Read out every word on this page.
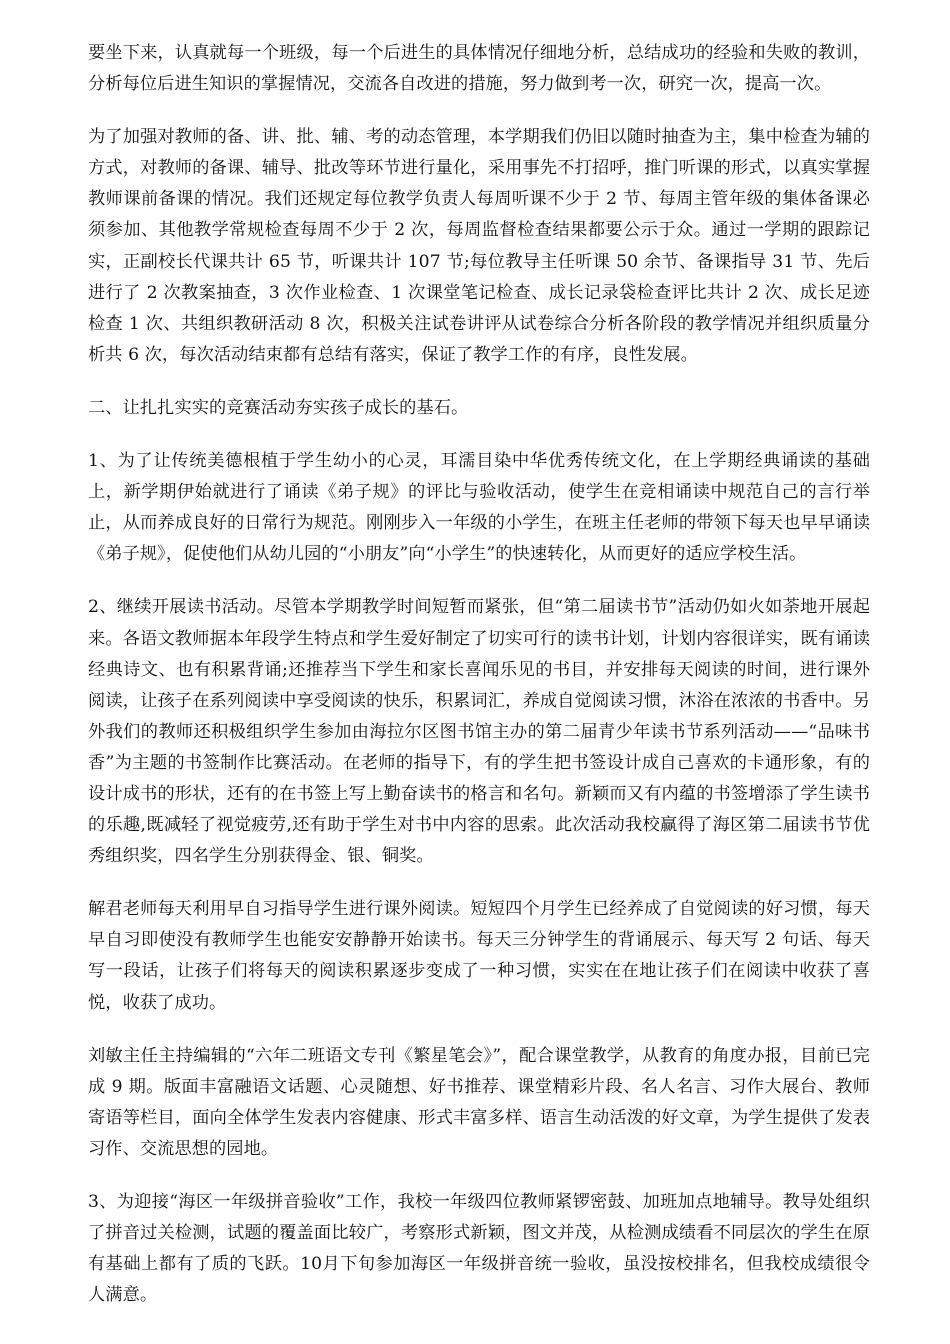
要坐下来，认真就每一个班级，每一个后进生的具体情况仔细地分析，总结成功的经验和失败的教训，分析每位后进生知识的掌握情况，交流各自改进的措施，努力做到考一次，研究一次，提高一次。

为了加强对教师的备、讲、批、辅、考的动态管理，本学期我们仍旧以随时抽查为主，集中检查为辅的方式，对教师的备课、辅导、批改等环节进行量化，采用事先不打招呼，推门听课的形式，以真实掌握教师课前备课的情况。我们还规定每位教学负责人每周听课不少于 2 节、每周主管年级的集体备课必须参加、其他教学常规检查每周不少于 2 次，每周监督检查结果都要公示于众。通过一学期的跟踪记实，正副校长代课共计 65 节，听课共计 107 节;每位教导主任听课 50 余节、备课指导 31 节、先后进行了 2 次教案抽查，3 次作业检查、1 次课堂笔记检查、成长记录袋检查评比共计 2 次、成长足迹检查 1 次、共组织教研活动 8 次，积极关注试卷讲评从试卷综合分析各阶段的教学情况并组织质量分析共 6 次，每次活动结束都有总结有落实，保证了教学工作的有序，良性发展。

二、让扎扎实实的竞赛活动夯实孩子成长的基石。

1、为了让传统美德根植于学生幼小的心灵，耳濡目染中华优秀传统文化，在上学期经典诵读的基础上，新学期伊始就进行了诵读《弟子规》的评比与验收活动，使学生在竞相诵读中规范自己的言行举止，从而养成良好的日常行为规范。刚刚步入一年级的小学生，在班主任老师的带领下每天也早早诵读《弟子规》，促使他们从幼儿园的“小朋友”向“小学生”的快速转化，从而更好的适应学校生活。

2、继续开展读书活动。尽管本学期教学时间短暂而紧张，但“第二届读书节”活动仍如火如荼地开展起来。各语文教师据本年段学生特点和学生爱好制定了切实可行的读书计划，计划内容很详实，既有诵读经典诗文、也有积累背诵;还推荐当下学生和家长喜闻乐见的书目，并安排每天阅读的时间，进行课外阅读，让孩子在系列阅读中享受阅读的快乐，积累词汇，养成自觉阅读习惯，沐浴在浓浓的书香中。另外我们的教师还积极组织学生参加由海拉尔区图书馆主办的第二届青少年读书节系列活动——“品味书香”为主题的书签制作比赛活动。在老师的指导下，有的学生把书签设计成自己喜欢的卡通形象，有的设计成书的形状，还有的在书签上写上勤奋读书的格言和名句。新颖而又有内蕴的书签增添了学生读书的乐趣,既减轻了视觉疲劳,还有助于学生对书中内容的思索。此次活动我校赢得了海区第二届读书节优秀组织奖，四名学生分别获得金、银、铜奖。

解君老师每天利用早自习指导学生进行课外阅读。短短四个月学生已经养成了自觉阅读的好习惯，每天早自习即使没有教师学生也能安安静静开始读书。每天三分钟学生的背诵展示、每天写 2 句话、每天写一段话，让孩子们将每天的阅读积累逐步变成了一种习惯，实实在在地让孩子们在阅读中收获了喜悦，收获了成功。

刘敏主任主持编辑的“六年二班语文专刊《繁星笔会》”，配合课堂教学，从教育的角度办报，目前已完成 9 期。版面丰富融语文话题、心灵随想、好书推荐、课堂精彩片段、名人名言、习作大展台、教师寄语等栏目，面向全体学生发表内容健康、形式丰富多样、语言生动活泼的好文章，为学生提供了发表习作、交流思想的园地。

3、为迎接“海区一年级拼音验收”工作，我校一年级四位教师紧锣密鼓、加班加点地辅导。教导处组织了拼音过关检测，试题的覆盖面比较广，考察形式新颖，图文并茂，从检测成绩看不同层次的学生在原有基础上都有了质的飞跃。10月下旬参加海区一年级拼音统一验收，虽没按校排名，但我校成绩很令人满意。
